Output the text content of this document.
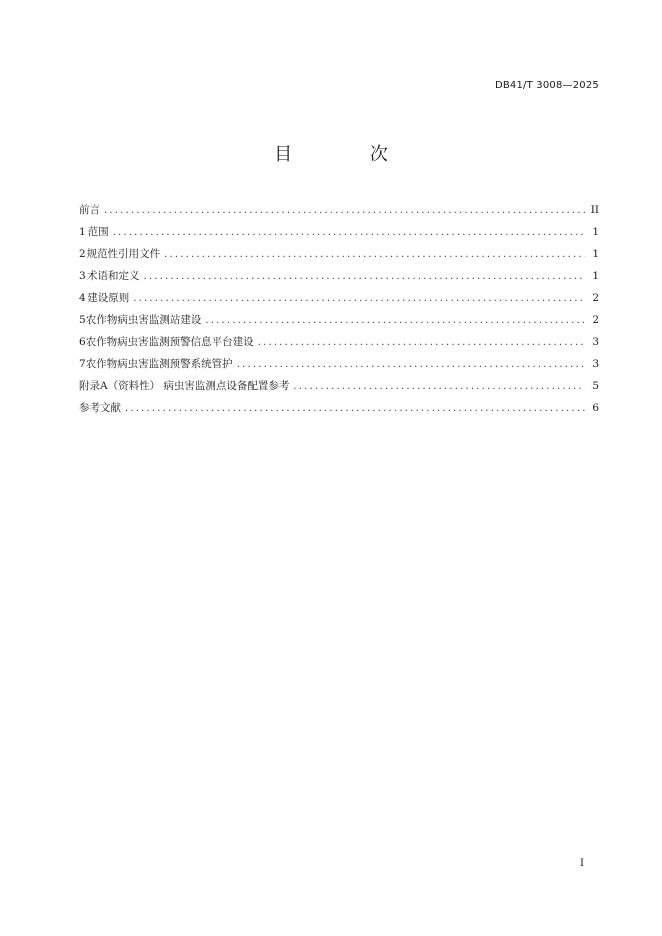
DB41/T 3008—2025
目 次
前言 .....	II
1 范围 .....	1
2 规范性引用文件 .....	1
3 术语和定义 .....	1
4 建设原则 .....	2
5 农作物病虫害监测站建设 .....	2
6 农作物病虫害监测预警信息平台建设 .....	3
7 农作物病虫害监测预警系统管护 .....	3
附录A（资料性） 病虫害监测点设备配置参考 .....	5
参考文献 .....	6
I
